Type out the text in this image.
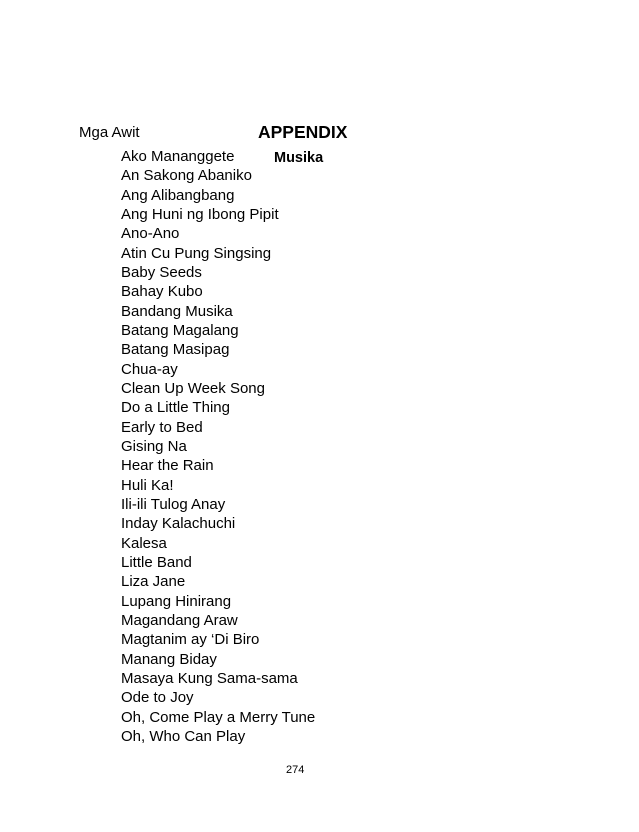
Mga Awit	APPENDIX
Musika
Ako Mananggete
An Sakong Abaniko
Ang Alibangbang
Ang Huni ng Ibong Pipit
Ano-Ano
Atin Cu Pung Singsing
Baby Seeds
Bahay Kubo
Bandang Musika
Batang Magalang
Batang Masipag
Chua-ay
Clean Up Week Song
Do a Little Thing
Early to Bed
Gising Na
Hear the Rain
Huli Ka!
Ili-ili Tulog Anay
Inday Kalachuchi
Kalesa
Little Band
Liza Jane
Lupang Hinirang
Magandang Araw
Magtanim ay ‘Di Biro
Manang Biday
Masaya Kung Sama-sama
Ode to Joy
Oh, Come Play a Merry Tune
Oh, Who Can Play
274
